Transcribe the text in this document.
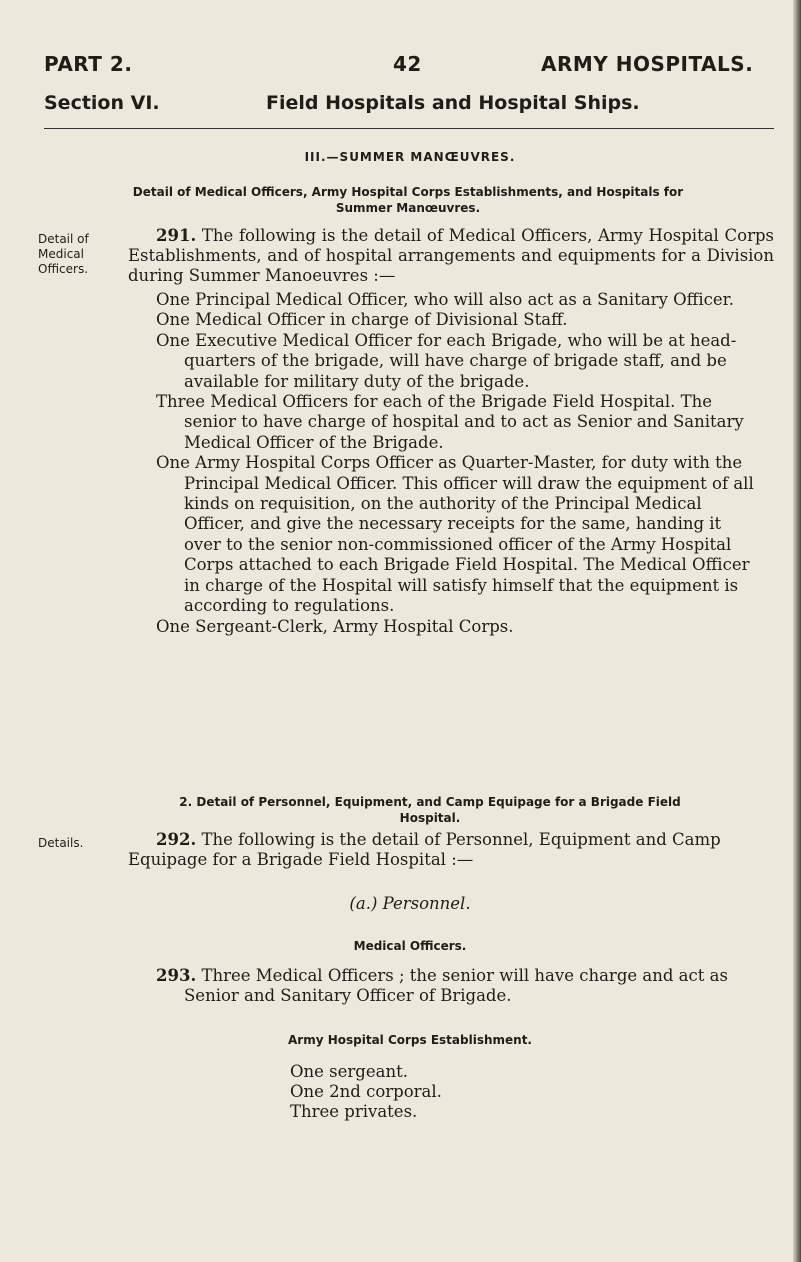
PART 2.	42	ARMY HOSPITALS.
Section VI.	Field Hospitals and Hospital Ships.
III.—SUMMER MANŒUVRES.
Detail of Medical Officers, Army Hospital Corps Establishments, and Hospitals for Summer Manœuvres.
Detail of
Medical
Officers.
291. The following is the detail of Medical Officers, Army Hospital Corps Establishments, and of hospital arrangements and equipments for a Division during Summer Manoeuvres :—

One Principal Medical Officer, who will also act as a Sanitary Officer.

One Medical Officer in charge of Divisional Staff.

One Executive Medical Officer for each Brigade, who will be at head-quarters of the brigade, will have charge of brigade staff, and be available for military duty of the brigade.

Three Medical Officers for each of the Brigade Field Hospital. The senior to have charge of hospital and to act as Senior and Sanitary Medical Officer of the Brigade.

One Army Hospital Corps Officer as Quarter-Master, for duty with the Principal Medical Officer. This officer will draw the equipment of all kinds on requisition, on the authority of the Principal Medical Officer, and give the necessary receipts for the same, handing it over to the senior non-commissioned officer of the Army Hospital Corps attached to each Brigade Field Hospital. The Medical Officer in charge of the Hospital will satisfy himself that the equipment is according to regulations.

One Sergeant-Clerk, Army Hospital Corps.

2. Detail of Personnel, Equipment, and Camp Equipage for a Brigade Field Hospital.
Details.	292. The following is the detail of Personnel, Equipment and Camp Equipage for a Brigade Field Hospital :—
(a.) Personnel.
Medical Officers.
293. Three Medical Officers ; the senior will have charge and act as Senior and Sanitary Officer of Brigade.
Army Hospital Corps Establishment.

One sergeant.

One 2nd corporal.

Three privates.
